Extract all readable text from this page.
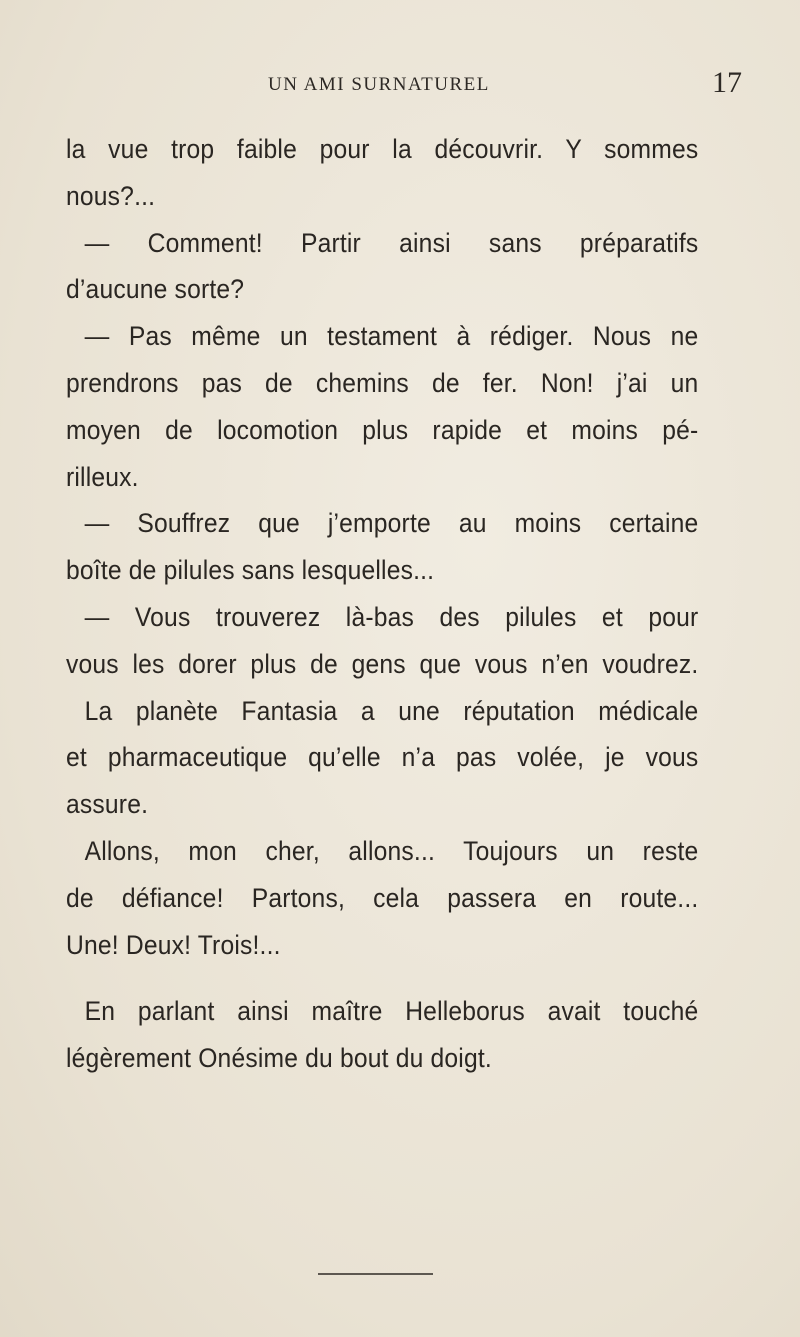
UN AMI SURNATUREL	17
la vue trop faible pour la découvrir. Y sommes
nous?...
— Comment! Partir ainsi sans préparatifs
d’aucune sorte?
— Pas même un testament à rédiger. Nous ne
prendrons pas de chemins de fer. Non! j’ai un
moyen de locomotion plus rapide et moins pé-
rilleux.
— Souffrez que j’emporte au moins certaine
boîte de pilules sans lesquelles...
— Vous trouverez là-bas des pilules et pour
vous les dorer plus de gens que vous n’en voudrez.
La planète Fantasia a une réputation médicale
et pharmaceutique qu’elle n’a pas volée, je vous
assure.
Allons, mon cher, allons... Toujours un reste
de défiance! Partons, cela passera en route...
Une! Deux! Trois!...
En parlant ainsi maître Helleborus avait touché
légèrement Onésime du bout du doigt.
